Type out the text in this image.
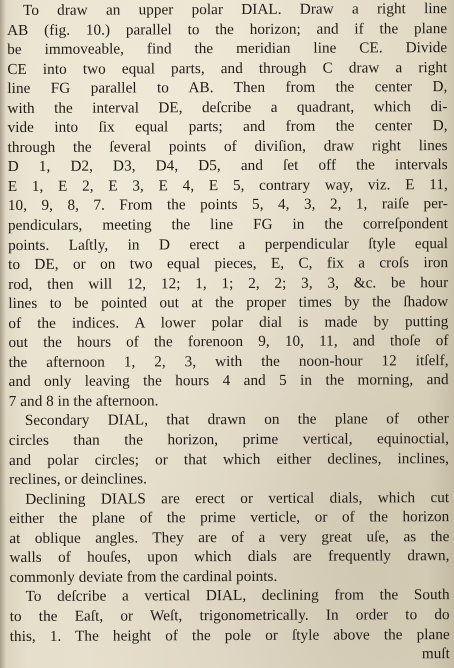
To draw an upper polar DIAL. Draw a right line
AB (fig. 10.) parallel to the horizon; and if the plane
be immoveable, find the meridian line CE. Divide
CE into two equal parts, and through C draw a right
line FG parallel to AB. Then from the center D,
with the interval DE, deſcribe a quadrant, which di-
vide into ſix equal parts; and from the center D,
through the ſeveral points of diviſion, draw right lines
D 1, D2, D3, D4, D5, and ſet off the intervals
E 1, E 2, E 3, E 4, E 5, contrary way, viz. E 11,
10, 9, 8, 7. From the points 5, 4, 3, 2, 1, raiſe per-
pendiculars, meeting the line FG in the correſpondent
points. Laſtly, in D erect a perpendicular ſtyle equal
to DE, or on two equal pieces, E, C, fix a croſs iron
rod, then will 12, 12; 1, 1; 2, 2; 3, 3, &c. be hour
lines to be pointed out at the proper times by the ſhadow
of the indices. A lower polar dial is made by putting
out the hours of the forenoon 9, 10, 11, and thoſe of
the afternoon 1, 2, 3, with the noon-hour 12 itſelf,
and only leaving the hours 4 and 5 in the morning, and
7 and 8 in the afternoon.
Secondary DIAL, that drawn on the plane of other
circles than the horizon, prime vertical, equinoctial,
and polar circles; or that which either declines, inclines,
reclines, or deinclines.
Declining DIALS are erect or vertical dials, which cut
either the plane of the prime verticle, or of the horizon
at oblique angles. They are of a very great uſe, as the
walls of houſes, upon which dials are frequently drawn,
commonly deviate from the cardinal points.
To deſcribe a vertical DIAL, declining from the South
to the Eaſt, or Weſt, trigonometrically. In order to do
this, 1. The height of the pole or ſtyle above the plane
muſt
